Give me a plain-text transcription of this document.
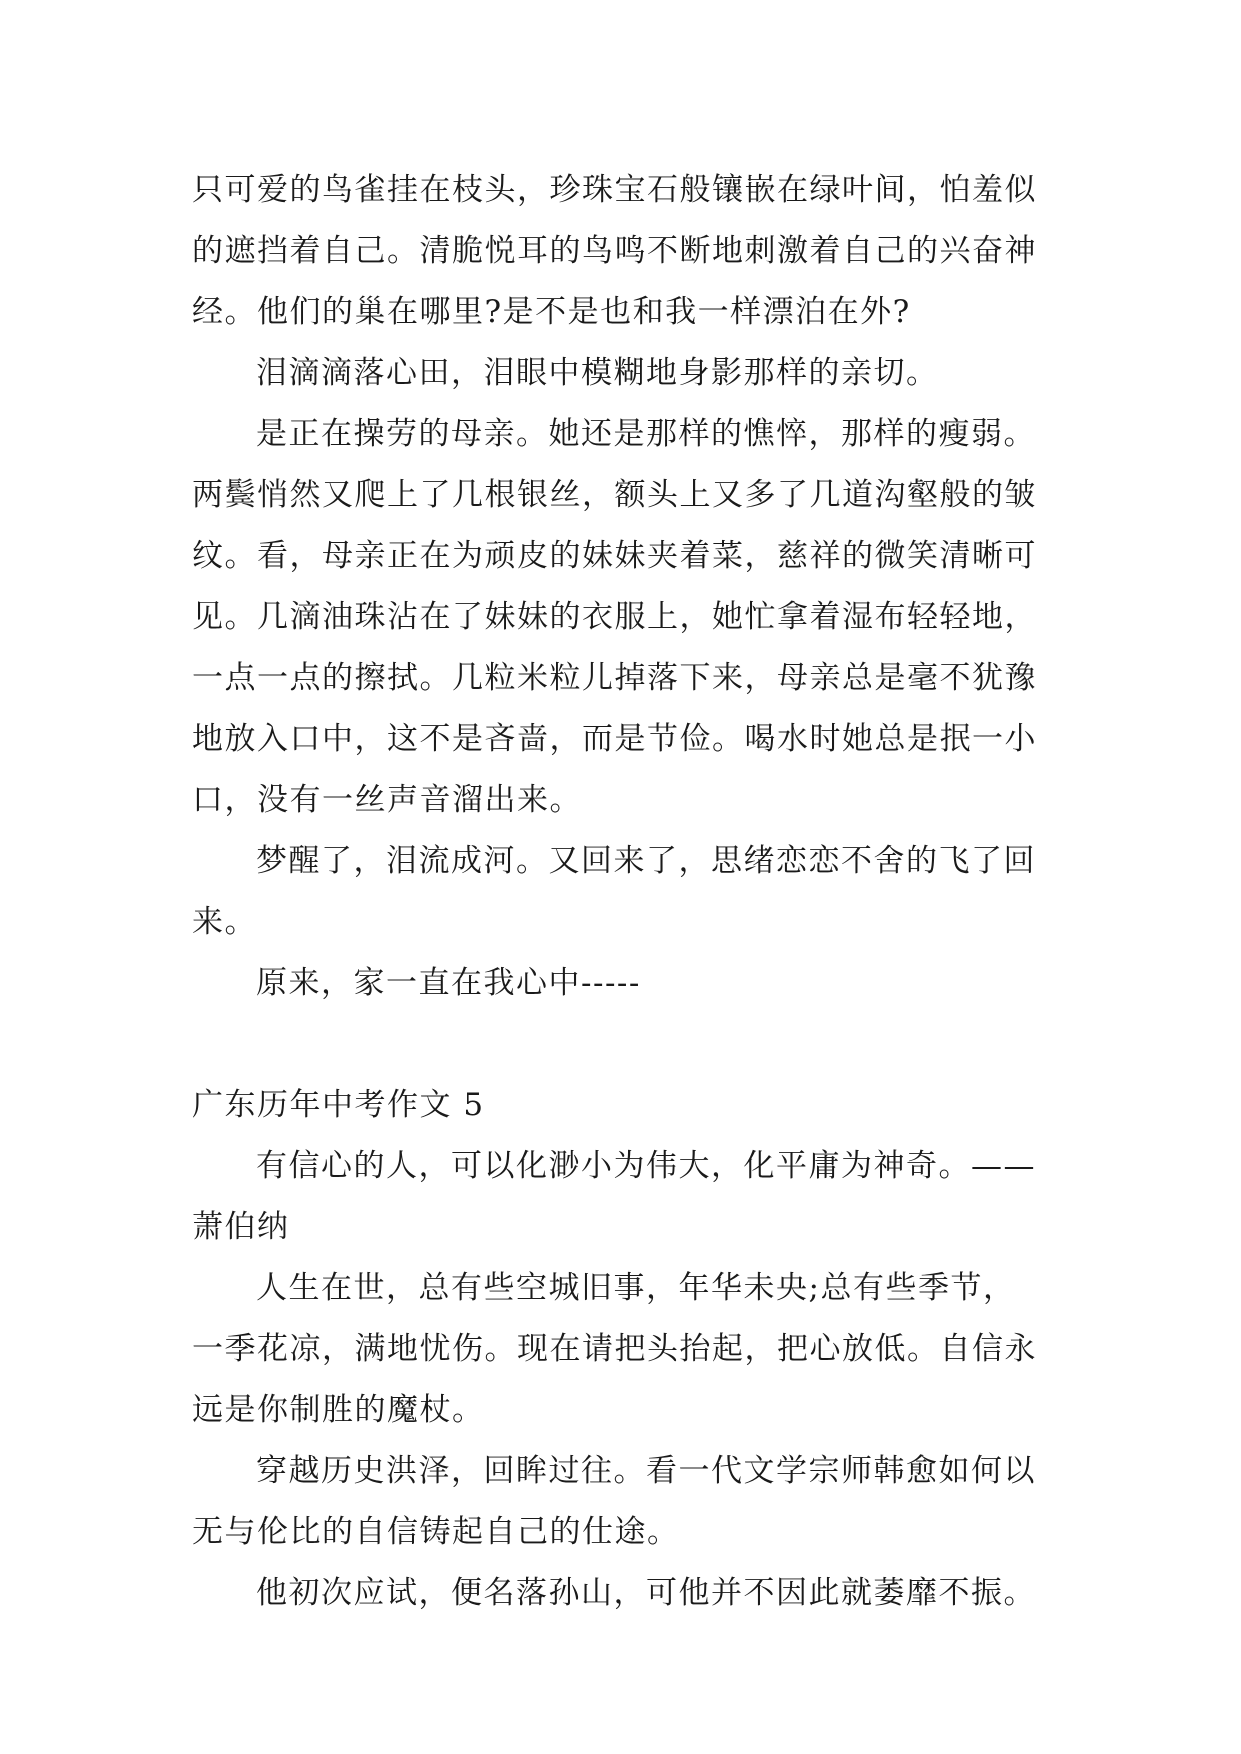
只可爱的鸟雀挂在枝头，珍珠宝石般镶嵌在绿叶间，怕羞似
的遮挡着自己。清脆悦耳的鸟鸣不断地刺激着自己的兴奋神
经。他们的巢在哪里?是不是也和我一样漂泊在外?
泪滴滴落心田，泪眼中模糊地身影那样的亲切。
是正在操劳的母亲。她还是那样的憔悴，那样的瘦弱。
两鬓悄然又爬上了几根银丝，额头上又多了几道沟壑般的皱
纹。看，母亲正在为顽皮的妹妹夹着菜，慈祥的微笑清晰可
见。几滴油珠沾在了妹妹的衣服上，她忙拿着湿布轻轻地，
一点一点的擦拭。几粒米粒儿掉落下来，母亲总是毫不犹豫
地放入口中，这不是吝啬，而是节俭。喝水时她总是抿一小
口，没有一丝声音溜出来。
梦醒了，泪流成河。又回来了，思绪恋恋不舍的飞了回
来。
原来，家一直在我心中-----
广东历年中考作文 5
有信心的人，可以化渺小为伟大，化平庸为神奇。——
萧伯纳
人生在世，总有些空城旧事，年华未央;总有些季节，
一季花凉，满地忧伤。现在请把头抬起，把心放低。自信永
远是你制胜的魔杖。
穿越历史洪泽，回眸过往。看一代文学宗师韩愈如何以
无与伦比的自信铸起自己的仕途。
他初次应试，便名落孙山，可他并不因此就萎靡不振。
